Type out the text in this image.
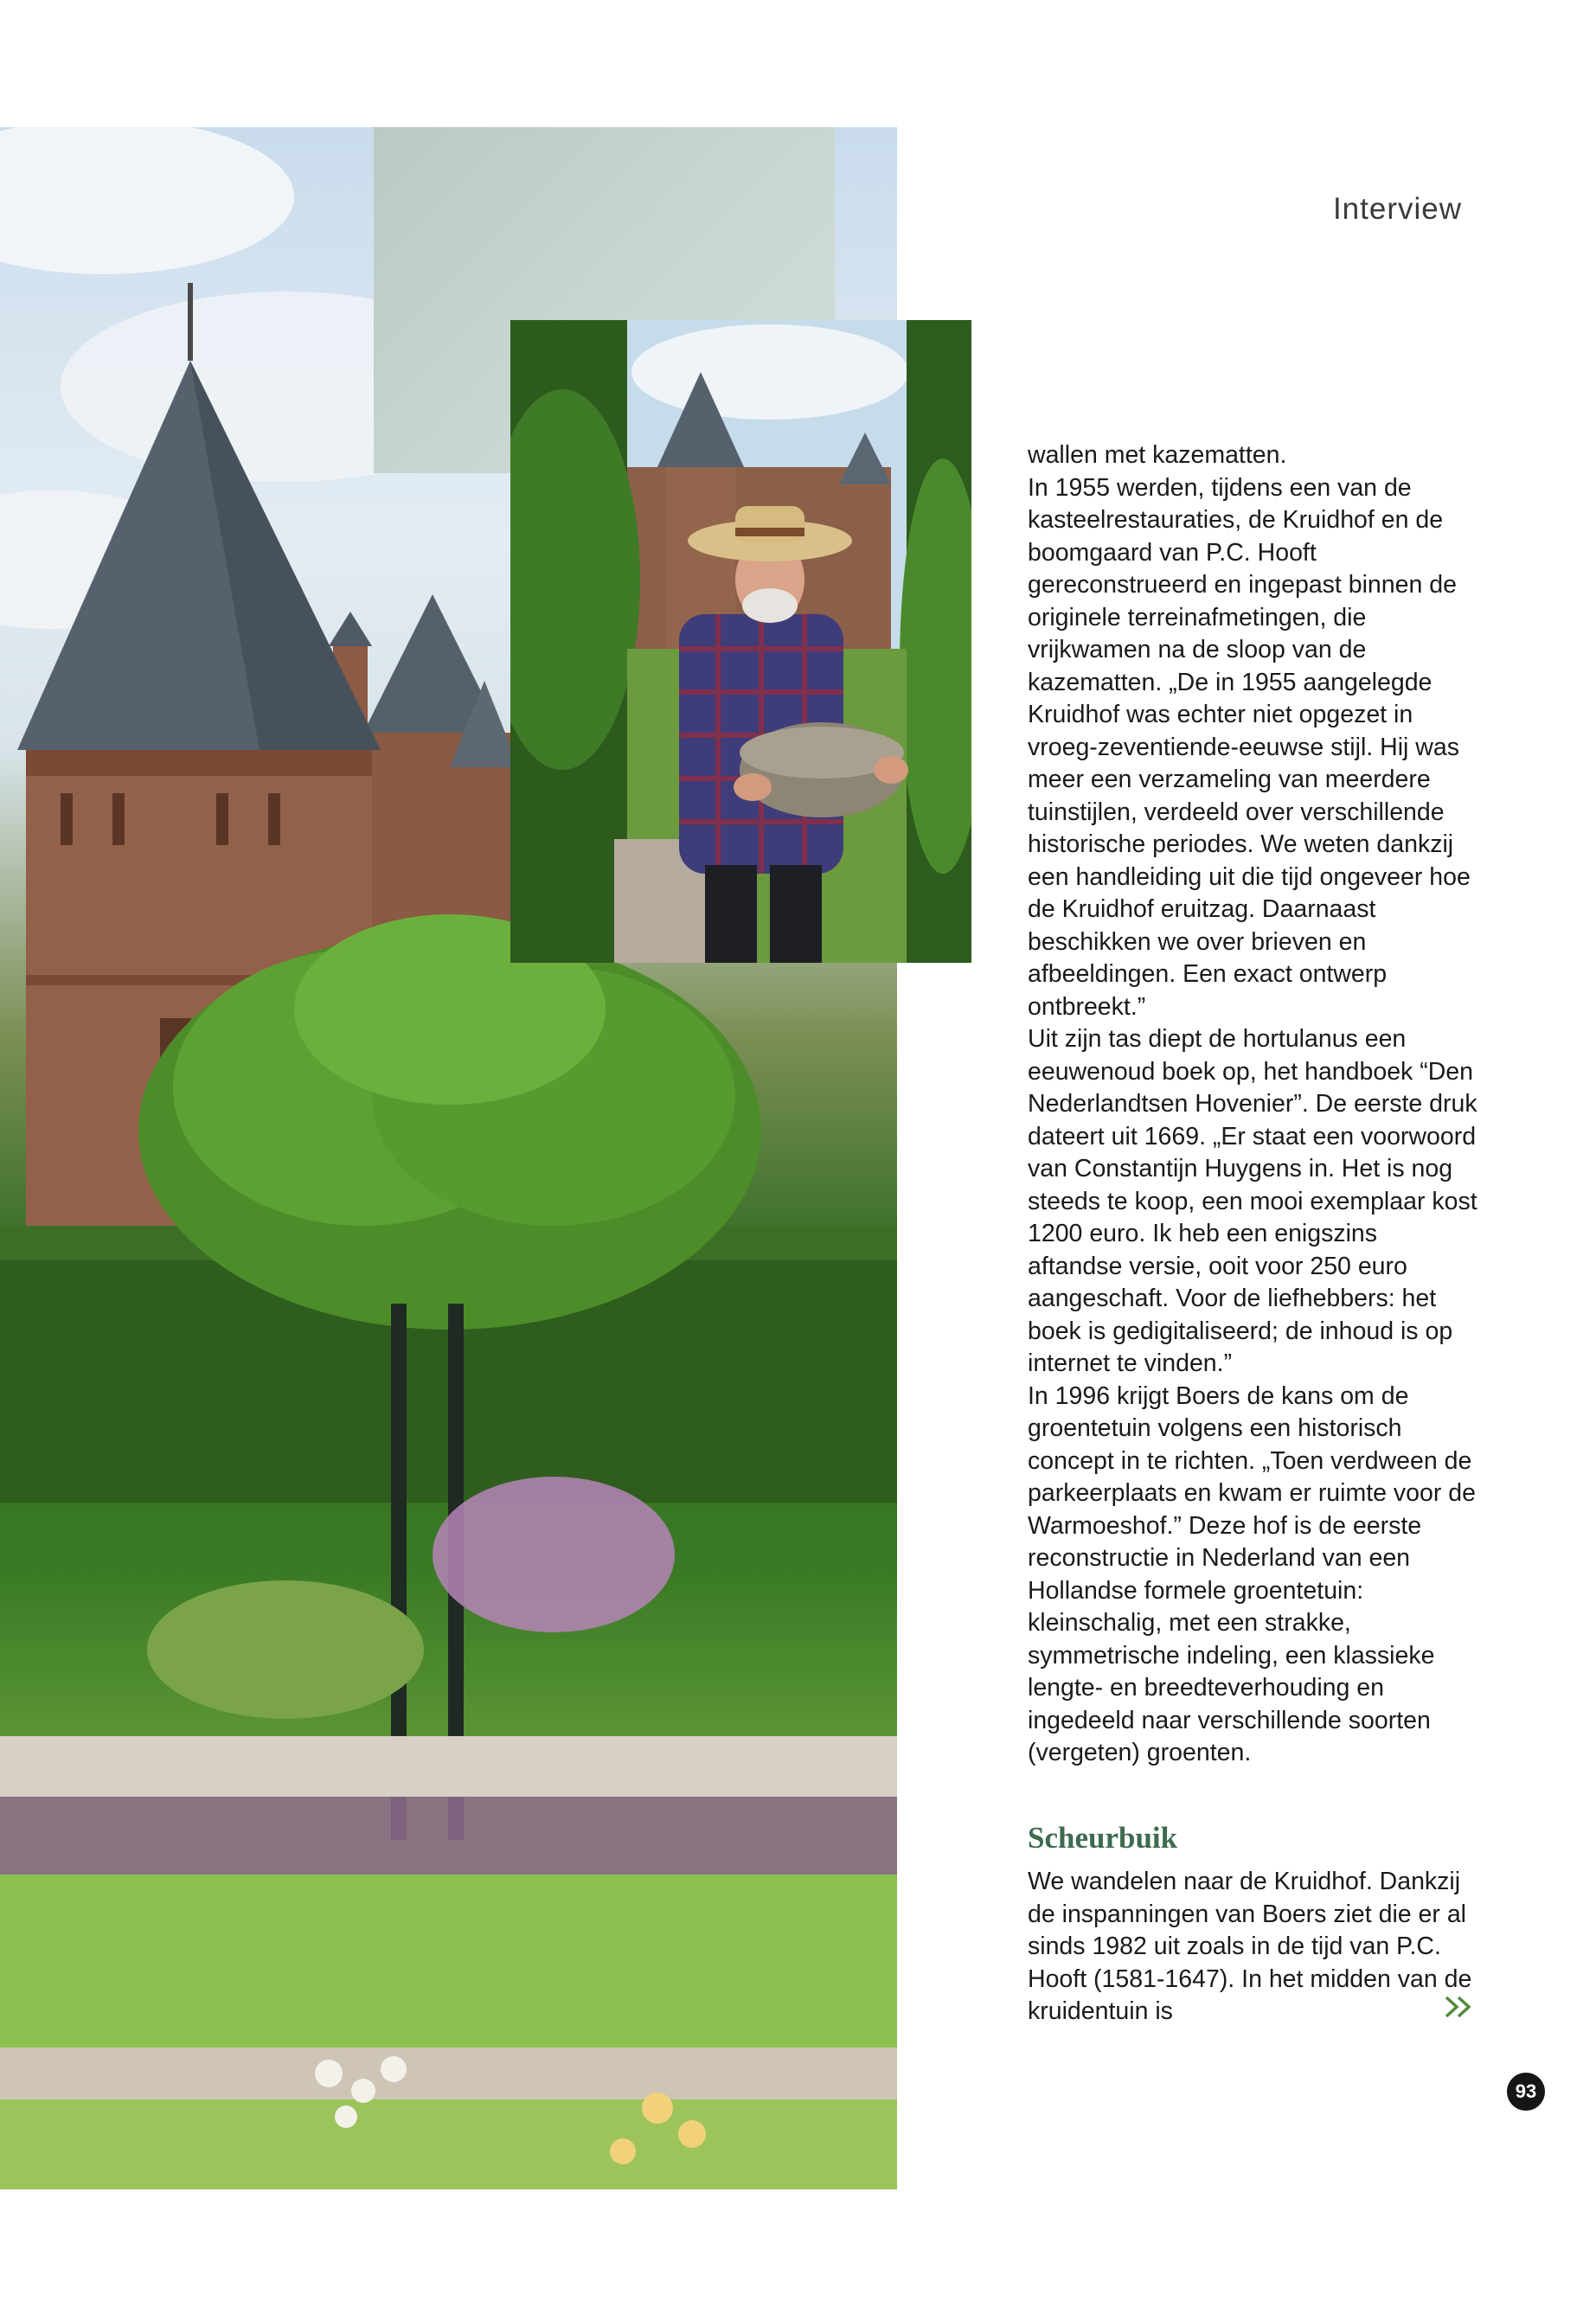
Interview

wallen met kazematten.
In 1955 werden, tijdens een van de kasteelrestauraties, de Kruidhof en de boomgaard van P.C. Hooft gereconstrueerd en ingepast binnen de originele terreinafmetingen, die vrijkwamen na de sloop van de kazematten. „De in 1955 aangelegde Kruidhof was echter niet opgezet in vroeg-zeventiende-eeuwse stijl. Hij was meer een verzameling van meerdere tuinstijlen, verdeeld over verschillende historische periodes. We weten dankzij een handleiding uit die tijd ongeveer hoe de Kruidhof eruitzag. Daarnaast beschikken we over brieven en afbeeldingen. Een exact ontwerp ontbreekt.”

Uit zijn tas diept de hortulanus een eeuwenoud boek op, het handboek “Den Nederlandtsen Hovenier”. De eerste druk dateert uit 1669. „Er staat een voorwoord van Constantijn Huygens in. Het is nog steeds te koop, een mooi exemplaar kost 1200 euro. Ik heb een enigszins aftandse versie, ooit voor 250 euro aangeschaft. Voor de liefhebbers: het boek is gedigitaliseerd; de inhoud is op internet te vinden.”

In 1996 krijgt Boers de kans om de groentetuin volgens een historisch concept in te richten. „Toen verdween de parkeerplaats en kwam er ruimte voor de Warmoeshof.” Deze hof is de eerste reconstructie in Nederland van een Hollandse formele groentetuin: kleinschalig, met een strakke, symmetrische indeling, een klassieke lengte- en breedteverhouding en ingedeeld naar verschillende soorten (vergeten) groenten.

Scheurbuik

We wandelen naar de Kruidhof. Dankzij de inspanningen van Boers ziet die er al sinds 1982 uit zoals in de tijd van P.C. Hooft (1581-1647). In het midden van de kruidentuin is

93
